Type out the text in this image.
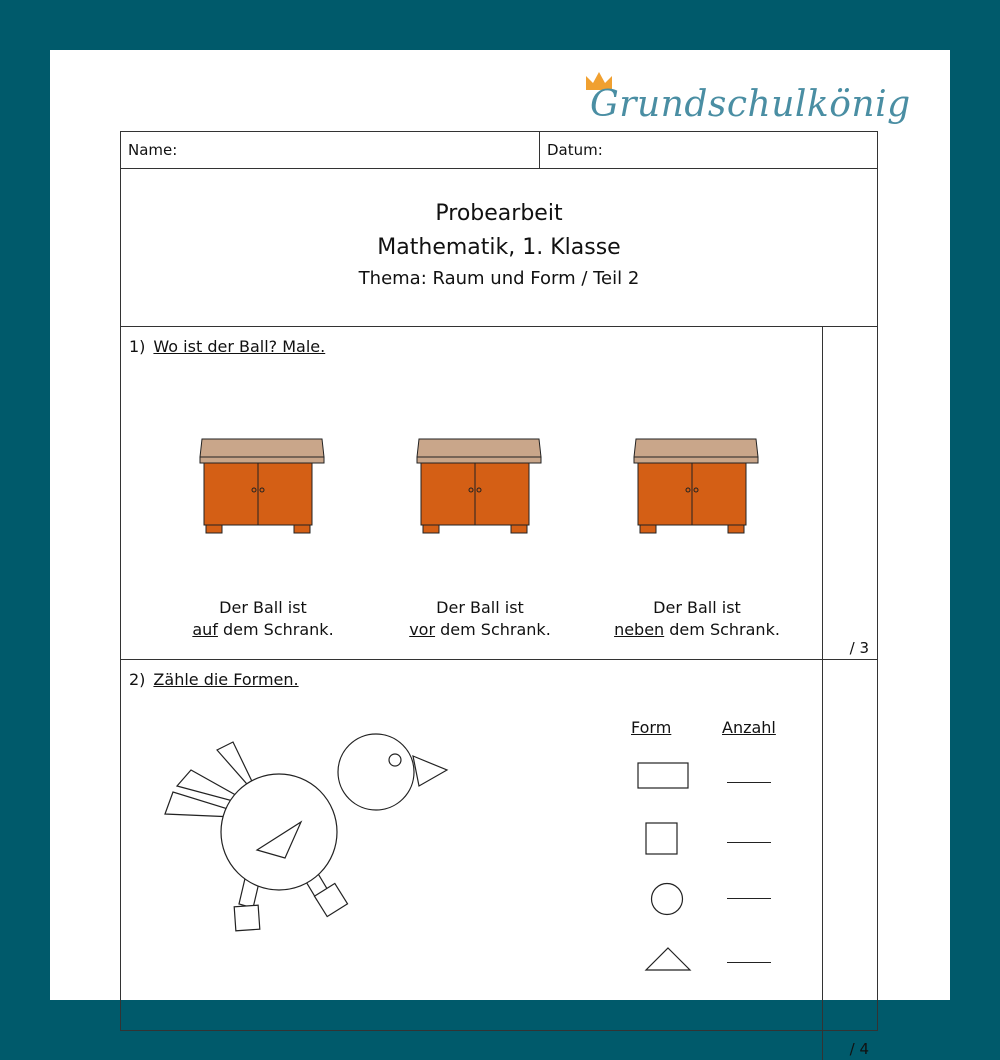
Grundschulkönig
Name:	Datum:
Probearbeit
Mathematik, 1. Klasse
Thema: Raum und Form / Teil 2
1) Wo ist der Ball? Male.
Der Ball ist
auf dem Schrank.
Der Ball ist
vor dem Schrank.
Der Ball ist
neben dem Schrank.
/ 3
2) Zähle die Formen.
Form	Anzahl
/ 4
